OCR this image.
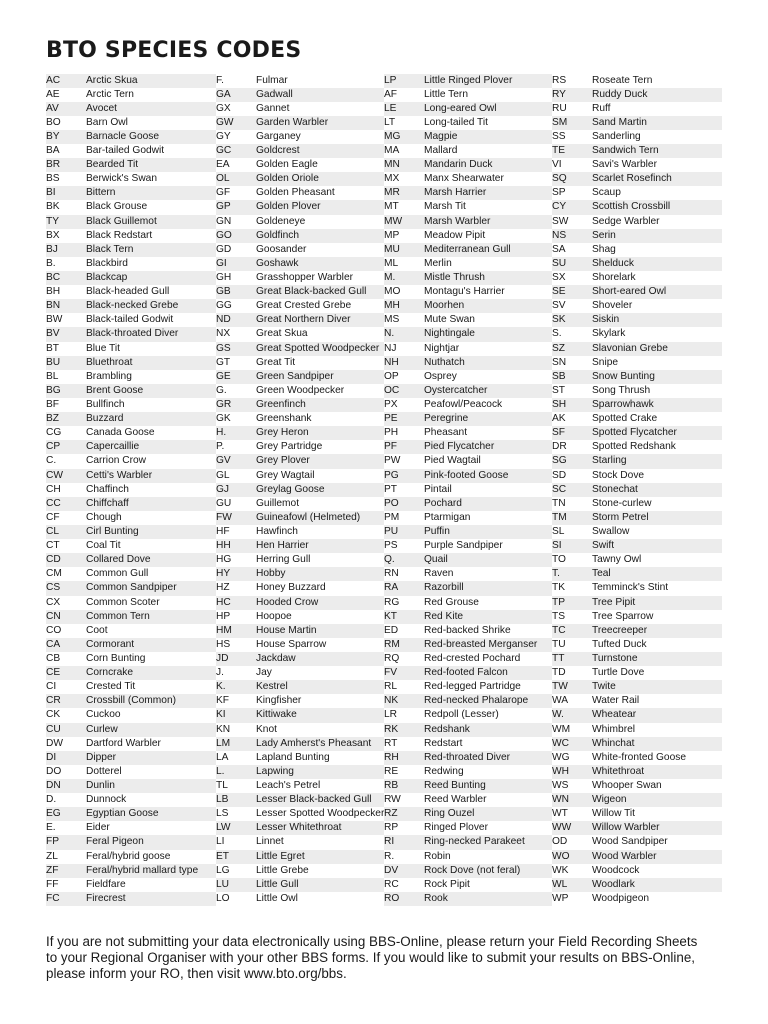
BTO SPECIES CODES
AC	Arctic Skua
AE	Arctic Tern
AV	Avocet
BO	Barn Owl
BY	Barnacle Goose
BA	Bar-tailed Godwit
BR	Bearded Tit
BS	Berwick's Swan
BI	Bittern
BK	Black Grouse
TY	Black Guillemot
BX	Black Redstart
BJ	Black Tern
B.	Blackbird
BC	Blackcap
BH	Black-headed Gull
BN	Black-necked Grebe
BW	Black-tailed Godwit
BV	Black-throated Diver
BT	Blue Tit
BU	Bluethroat
BL	Brambling
BG	Brent Goose
BF	Bullfinch
BZ	Buzzard
CG	Canada Goose
CP	Capercaillie
C.	Carrion Crow
CW	Cetti's Warbler
CH	Chaffinch
CC	Chiffchaff
CF	Chough
CL	Cirl Bunting
CT	Coal Tit
CD	Collared Dove
CM	Common Gull
CS	Common Sandpiper
CX	Common Scoter
CN	Common Tern
CO	Coot
CA	Cormorant
CB	Corn Bunting
CE	Corncrake
CI	Crested Tit
CR	Crossbill (Common)
CK	Cuckoo
CU	Curlew
DW	Dartford Warbler
DI	Dipper
DO	Dotterel
DN	Dunlin
D.	Dunnock
EG	Egyptian Goose
E.	Eider
FP	Feral Pigeon
ZL	Feral/hybrid goose
ZF	Feral/hybrid mallard type
FF	Fieldfare
FC	Firecrest
F.	Fulmar
GA	Gadwall
GX	Gannet
GW	Garden Warbler
GY	Garganey
GC	Goldcrest
EA	Golden Eagle
OL	Golden Oriole
GF	Golden Pheasant
GP	Golden Plover
GN	Goldeneye
GO	Goldfinch
GD	Goosander
GI	Goshawk
GH	Grasshopper Warbler
GB	Great Black-backed Gull
GG	Great Crested Grebe
ND	Great Northern Diver
NX	Great Skua
GS	Great Spotted Woodpecker
GT	Great Tit
GE	Green Sandpiper
G.	Green Woodpecker
GR	Greenfinch
GK	Greenshank
H.	Grey Heron
P.	Grey Partridge
GV	Grey Plover
GL	Grey Wagtail
GJ	Greylag Goose
GU	Guillemot
FW	Guineafowl (Helmeted)
HF	Hawfinch
HH	Hen Harrier
HG	Herring Gull
HY	Hobby
HZ	Honey Buzzard
HC	Hooded Crow
HP	Hoopoe
HM	House Martin
HS	House Sparrow
JD	Jackdaw
J.	Jay
K.	Kestrel
KF	Kingfisher
KI	Kittiwake
KN	Knot
LM	Lady Amherst's Pheasant
LA	Lapland Bunting
L.	Lapwing
TL	Leach's Petrel
LB	Lesser Black-backed Gull
LS	Lesser Spotted Woodpecker
LW	Lesser Whitethroat
LI	Linnet
ET	Little Egret
LG	Little Grebe
LU	Little Gull
LO	Little Owl
LP	Little Ringed Plover
AF	Little Tern
LE	Long-eared Owl
LT	Long-tailed Tit
MG	Magpie
MA	Mallard
MN	Mandarin Duck
MX	Manx Shearwater
MR	Marsh Harrier
MT	Marsh Tit
MW	Marsh Warbler
MP	Meadow Pipit
MU	Mediterranean Gull
ML	Merlin
M.	Mistle Thrush
MO	Montagu's Harrier
MH	Moorhen
MS	Mute Swan
N.	Nightingale
NJ	Nightjar
NH	Nuthatch
OP	Osprey
OC	Oystercatcher
PX	Peafowl/Peacock
PE	Peregrine
PH	Pheasant
PF	Pied Flycatcher
PW	Pied Wagtail
PG	Pink-footed Goose
PT	Pintail
PO	Pochard
PM	Ptarmigan
PU	Puffin
PS	Purple Sandpiper
Q.	Quail
RN	Raven
RA	Razorbill
RG	Red Grouse
KT	Red Kite
ED	Red-backed Shrike
RM	Red-breasted Merganser
RQ	Red-crested Pochard
FV	Red-footed Falcon
RL	Red-legged Partridge
NK	Red-necked Phalarope
LR	Redpoll (Lesser)
RK	Redshank
RT	Redstart
RH	Red-throated Diver
RE	Redwing
RB	Reed Bunting
RW	Reed Warbler
RZ	Ring Ouzel
RP	Ringed Plover
RI	Ring-necked Parakeet
R.	Robin
DV	Rock Dove (not feral)
RC	Rock Pipit
RO	Rook
RS	Roseate Tern
RY	Ruddy Duck
RU	Ruff
SM	Sand Martin
SS	Sanderling
TE	Sandwich Tern
VI	Savi's Warbler
SQ	Scarlet Rosefinch
SP	Scaup
CY	Scottish Crossbill
SW	Sedge Warbler
NS	Serin
SA	Shag
SU	Shelduck
SX	Shorelark
SE	Short-eared Owl
SV	Shoveler
SK	Siskin
S.	Skylark
SZ	Slavonian Grebe
SN	Snipe
SB	Snow Bunting
ST	Song Thrush
SH	Sparrowhawk
AK	Spotted Crake
SF	Spotted Flycatcher
DR	Spotted Redshank
SG	Starling
SD	Stock Dove
SC	Stonechat
TN	Stone-curlew
TM	Storm Petrel
SL	Swallow
SI	Swift
TO	Tawny Owl
T.	Teal
TK	Temminck's Stint
TP	Tree Pipit
TS	Tree Sparrow
TC	Treecreeper
TU	Tufted Duck
TT	Turnstone
TD	Turtle Dove
TW	Twite
WA	Water Rail
W.	Wheatear
WM	Whimbrel
WC	Whinchat
WG	White-fronted Goose
WH	Whitethroat
WS	Whooper Swan
WN	Wigeon
WT	Willow Tit
WW	Willow Warbler
OD	Wood Sandpiper
WO	Wood Warbler
WK	Woodcock
WL	Woodlark
WP	Woodpigeon

If you are not submitting your data electronically using BBS-Online, please return your Field Recording Sheets
to your Regional Organiser with your other BBS forms. If you would like to submit your results on BBS-Online,
please inform your RO, then visit www.bto.org/bbs.
